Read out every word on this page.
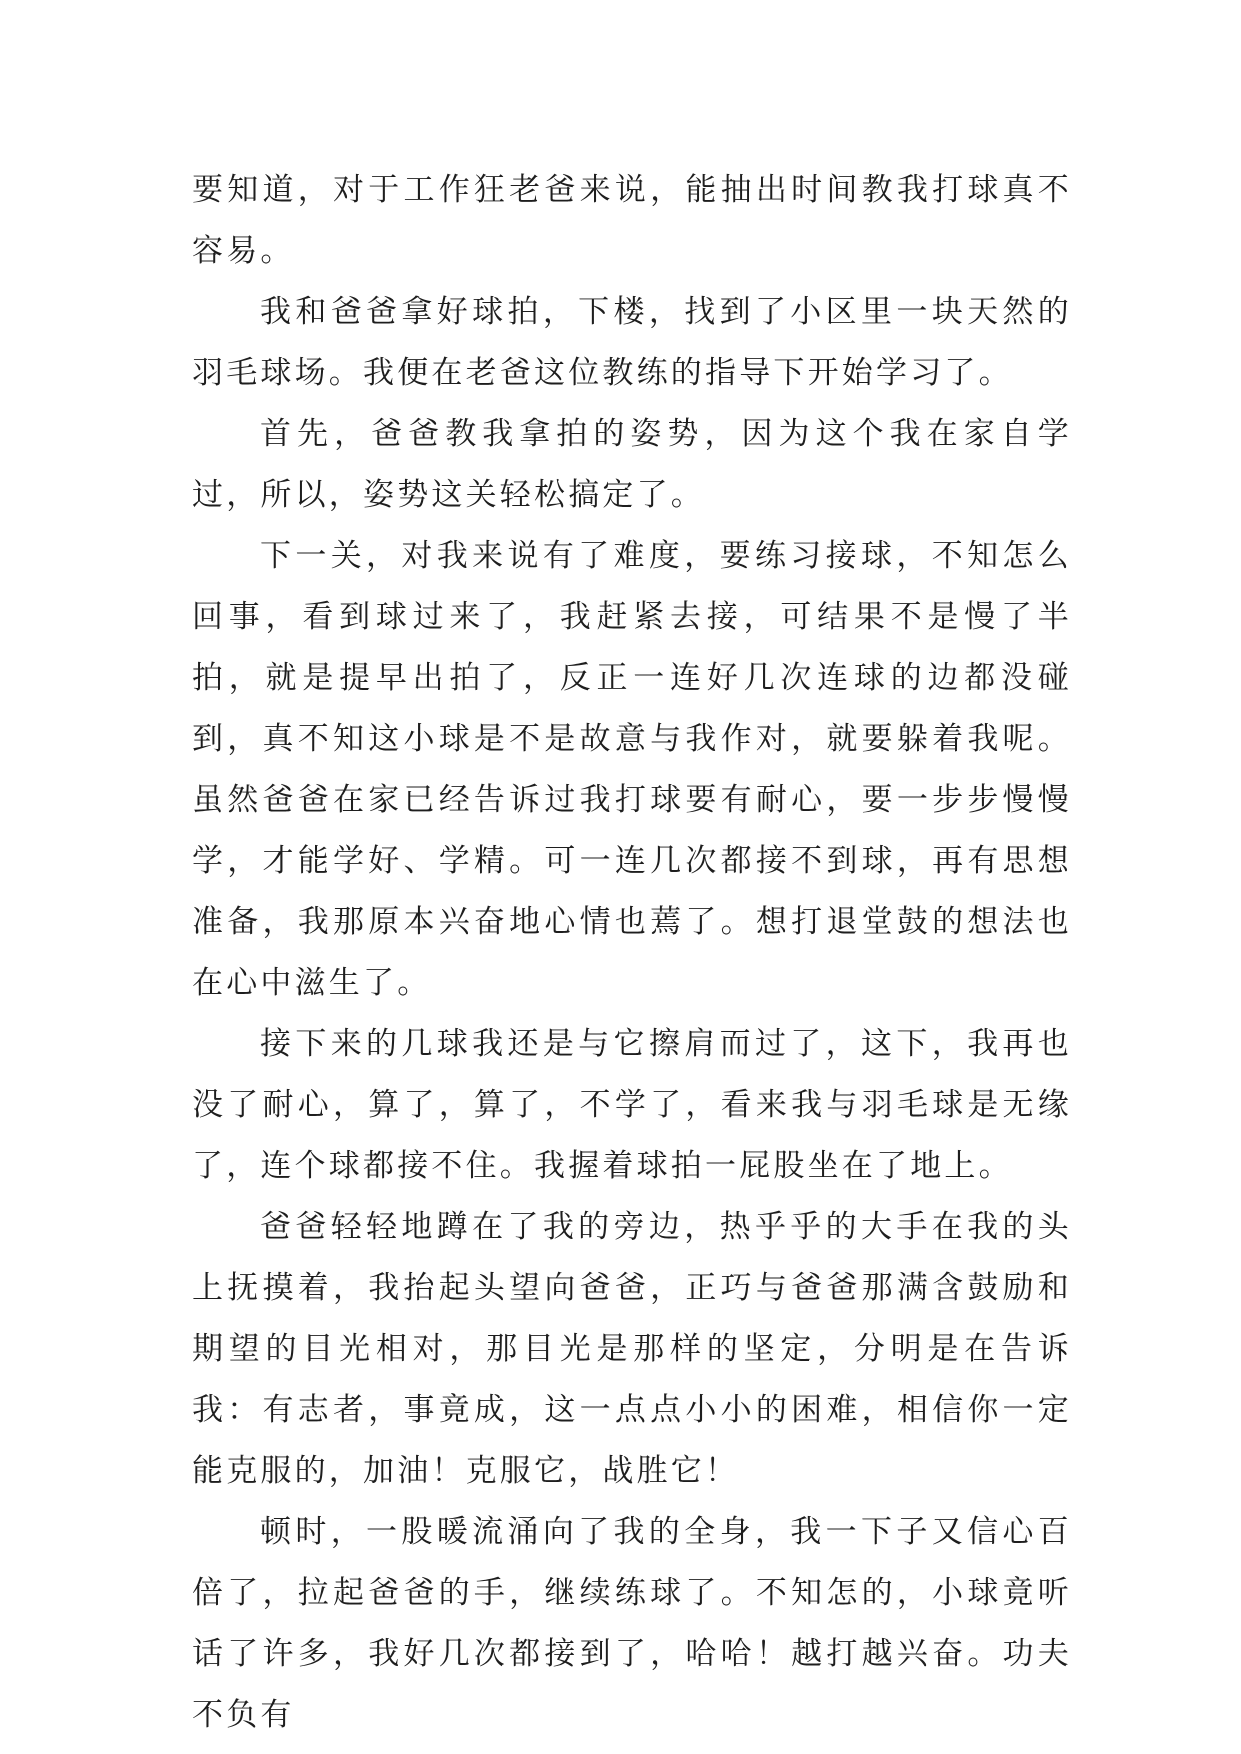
要知道，对于工作狂老爸来说，能抽出时间教我打球真不容易。

我和爸爸拿好球拍，下楼，找到了小区里一块天然的羽毛球场。我便在老爸这位教练的指导下开始学习了。

首先，爸爸教我拿拍的姿势，因为这个我在家自学过，所以，姿势这关轻松搞定了。

下一关，对我来说有了难度，要练习接球，不知怎么回事，看到球过来了，我赶紧去接，可结果不是慢了半拍，就是提早出拍了，反正一连好几次连球的边都没碰到，真不知这小球是不是故意与我作对，就要躲着我呢。虽然爸爸在家已经告诉过我打球要有耐心，要一步步慢慢学，才能学好、学精。可一连几次都接不到球，再有思想准备，我那原本兴奋地心情也蔫了。想打退堂鼓的想法也在心中滋生了。

接下来的几球我还是与它擦肩而过了，这下，我再也没了耐心，算了，算了，不学了，看来我与羽毛球是无缘了，连个球都接不住。我握着球拍一屁股坐在了地上。

爸爸轻轻地蹲在了我的旁边，热乎乎的大手在我的头上抚摸着，我抬起头望向爸爸，正巧与爸爸那满含鼓励和期望的目光相对，那目光是那样的坚定，分明是在告诉我：有志者，事竟成，这一点点小小的困难，相信你一定能克服的，加油！克服它，战胜它！

顿时，一股暖流涌向了我的全身，我一下子又信心百倍了，拉起爸爸的手，继续练球了。不知怎的，小球竟听话了许多，我好几次都接到了，哈哈！越打越兴奋。功夫不负有
